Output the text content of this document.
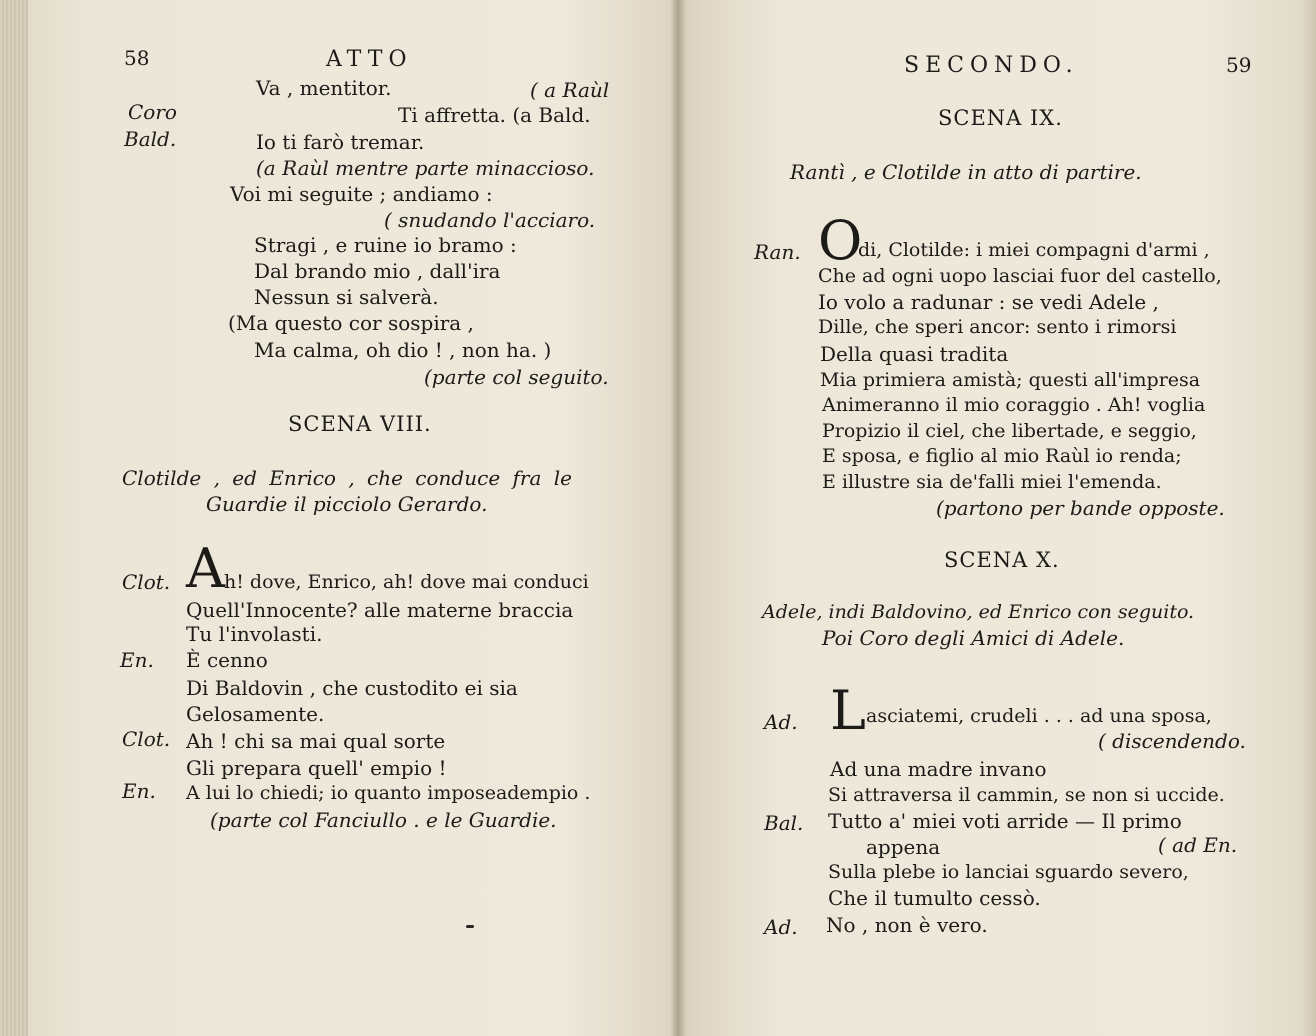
58	ATTO
Va , mentitor.	( a Raùl
Coro	Ti affretta. (a Bald.
Bald.	Io ti farò tremar.
(a Raùl mentre parte minaccioso.
Voi mi seguite ; andiamo :
( snudando l'acciaro.
Stragi , e ruine io bramo :
Dal brando mio , dall'ira
Nessun si salverà.
(Ma questo cor sospira ,
Ma calma, oh dio ! , non ha. )
(parte col seguito.
SCENA VIII.
Clotilde , ed Enrico , che conduce fra le
Guardie il picciolo Gerardo.
Clot. A h! dove, Enrico, ah! dove mai conduci
Quell'Innocente? alle materne braccia
Tu l'involasti.
En. È cenno
Di Baldovin , che custodito ei sia
Gelosamente.
Clot. Ah ! chi sa mai qual sorte
Gli prepara quell' empio !
En. A lui lo chiedi; io quanto imposeadempio .
(parte col Fanciullo . e le Guardie.
SECONDO.	59
SCENA IX.
Rantì , e Clotilde in atto di partire.
Ran. O
di, Clotilde: i miei compagni d'armi ,
Che ad ogni uopo lasciai fuor del castello,
Io volo a radunar : se vedi Adele ,
Dille, che speri ancor: sento i rimorsi
Della quasi tradita
Mia primiera amistà; questi all'impresa
Animeranno il mio coraggio . Ah! voglia
Propizio il ciel, che libertade, e seggio,
E sposa, e figlio al mio Raùl io renda;
E illustre sia de'falli miei l'emenda.
(partono per bande opposte.
SCENA X.
Adele, indi Baldovino, ed Enrico con seguito.
Poi Coro degli Amici di Adele.
Ad. L asciatemi, crudeli . . . ad una sposa,
( discendendo.
Ad una madre invano
Si attraversa il cammin, se non si uccide.
Bal. Tutto a' miei voti arride — Il primo
appena	( ad En.
Sulla plebe io lanciai sguardo severo,
Che il tumulto cessò.
Ad. No , non è vero.
